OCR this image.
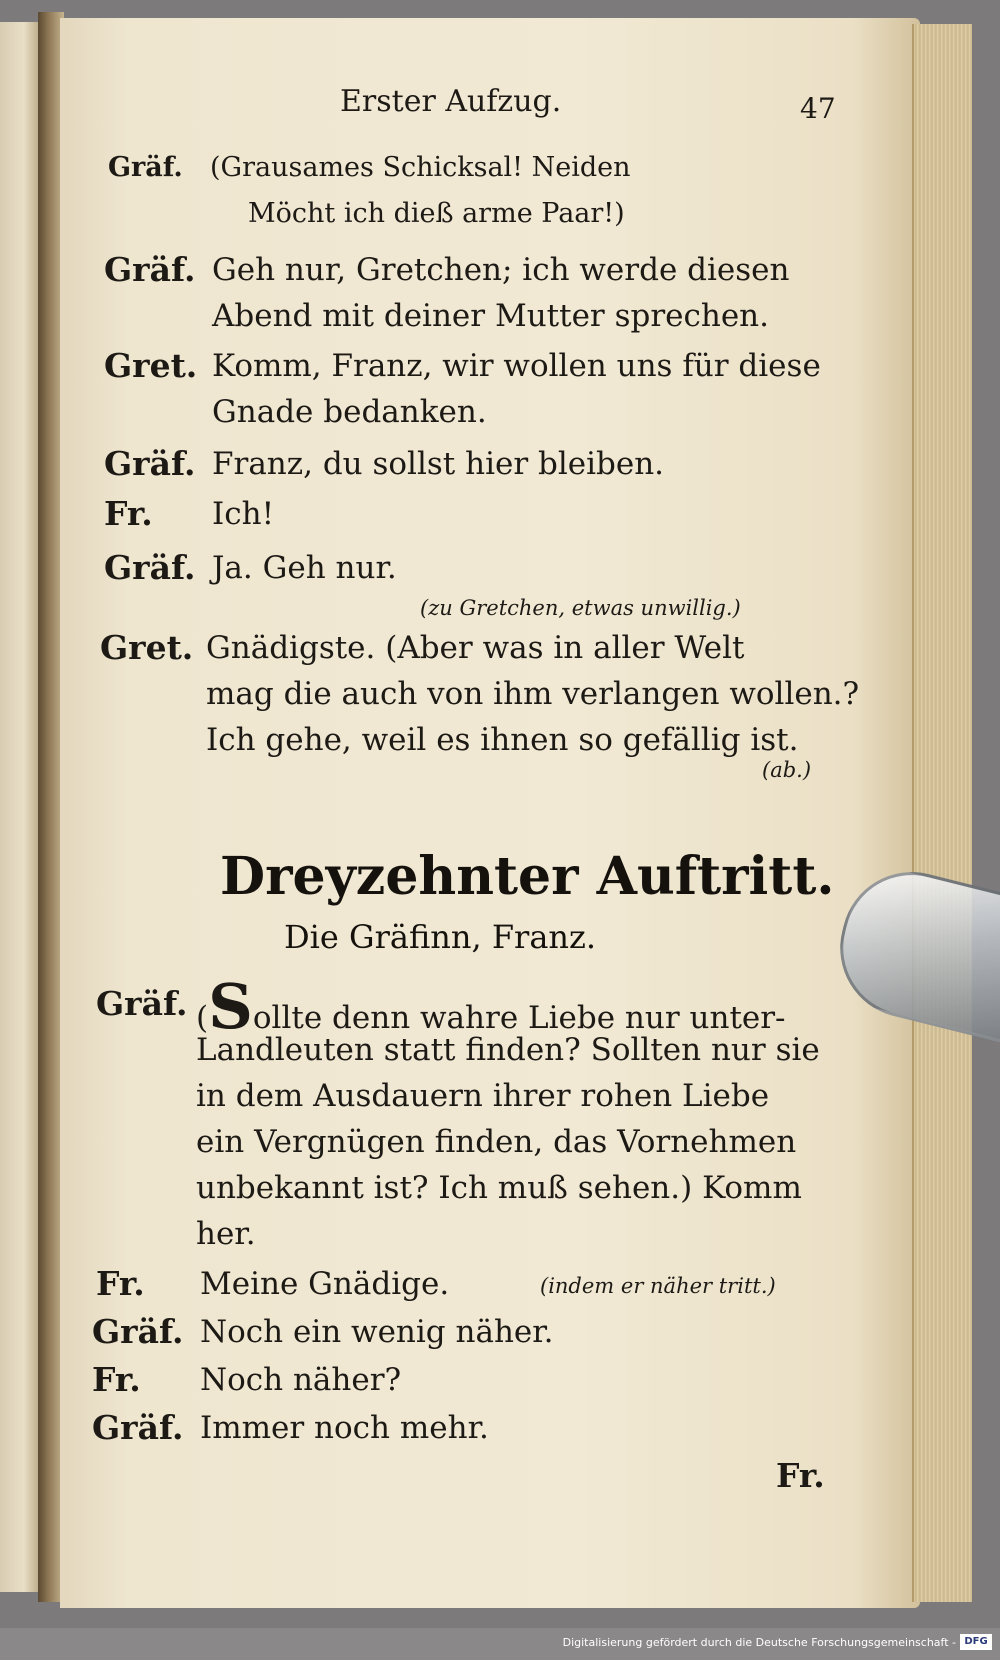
Erster Aufzug.	47
Gräf. (Grausames Schicksal! Neiden
Möcht ich dieß arme Paar!)
Gräf. Geh nur, Gretchen; ich werde diesen
Abend mit deiner Mutter sprechen.
Gret. Komm, Franz, wir wollen uns für diese
Gnade bedanken.
Gräf. Franz, du sollst hier bleiben.
Fr. Ich!
Gräf. Ja. Geh nur.
(zu Gretchen, etwas unwillig.)
Gret. Gnädigste. (Aber was in aller Welt
mag die auch von ihm verlangen wollen.?
Ich gehe, weil es ihnen so gefällig ist.
(ab.)
Dreyzehnter Auftritt.
Die Gräfinn, Franz.
Gräf. (Sollte denn wahre Liebe nur unter-
Landleuten statt finden? Sollten nur sie
in dem Ausdauern ihrer rohen Liebe
ein Vergnügen finden, das Vornehmen
unbekannt ist? Ich muß sehen.) Komm
her.
Fr. Meine Gnädige.	(indem er näher tritt.)
Gräf. Noch ein wenig näher.
Fr. Noch näher?
Gräf. Immer noch mehr.
Fr.
Digitalisierung gefördert durch die Deutsche Forschungsgemeinschaft - DFG
